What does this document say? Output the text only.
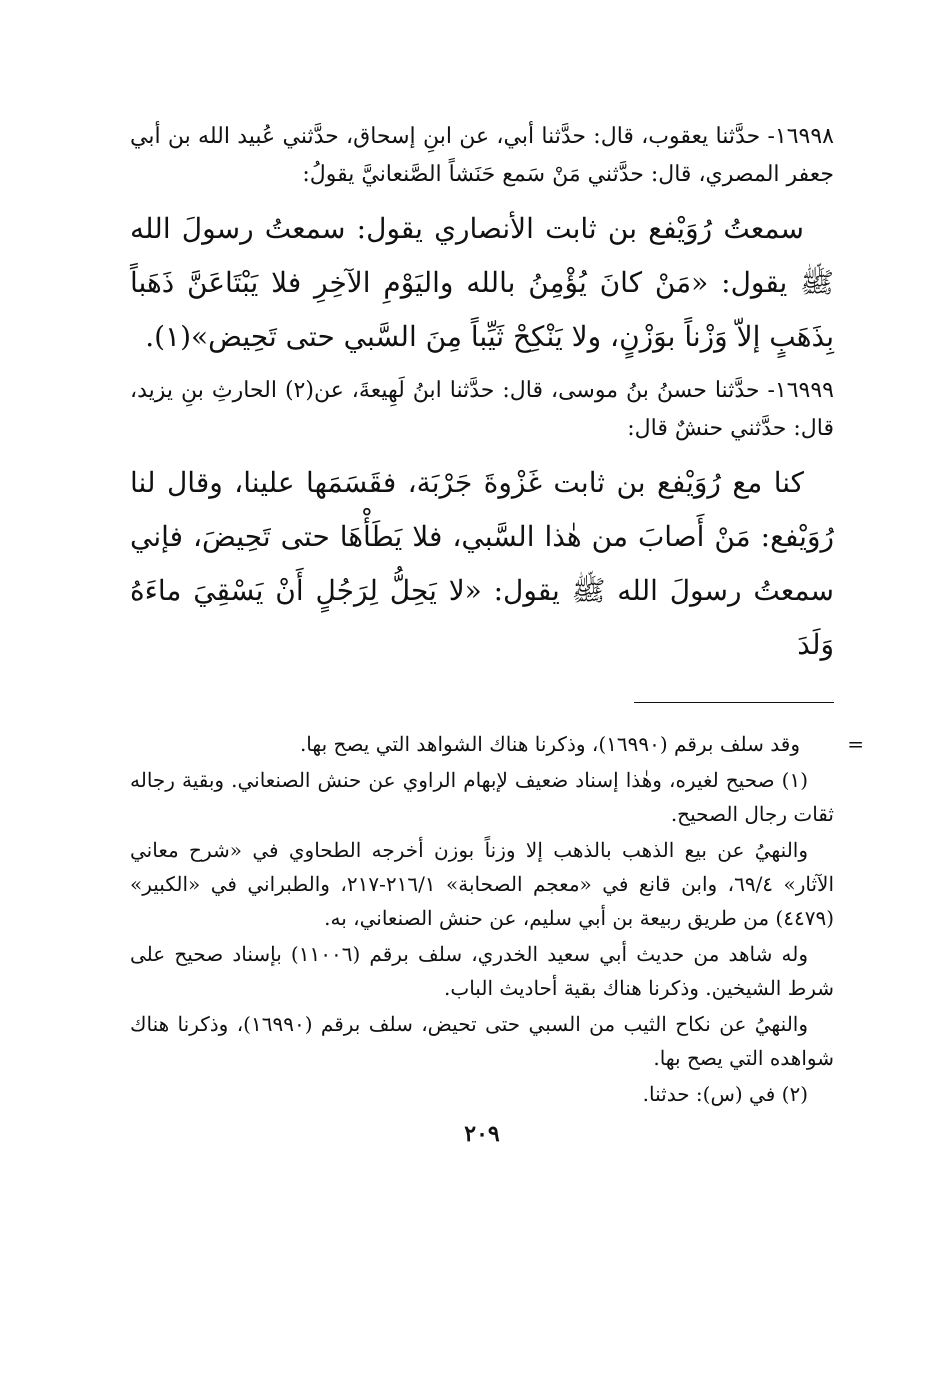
١٦٩٩٨- حدَّثنا يعقوب، قال: حدَّثنا أبي، عن ابنِ إسحاق، حدَّثني عُبيد الله بن أبي جعفر المصري، قال: حدَّثني مَنْ سَمع حَنَشاً الصَّنعانيَّ يقولُ:

سمعتُ رُوَيْفع بن ثابت الأنصاري يقول: سمعتُ رسولَ الله ﷺ يقول: «مَنْ كانَ يُؤْمِنُ بالله واليَوْمِ الآخِرِ فلا يَبْتَاعَنَّ ذَهَباً بِذَهَبٍ إلاّ وَزْناً بوَزْنٍ، ولا يَنْكِحْ ثَيِّباً مِنَ السَّبي حتى تَحِيض»(١).

١٦٩٩٩- حدَّثنا حسنُ بنُ موسى، قال: حدَّثنا ابنُ لَهِيعةَ، عن(٢) الحارثِ بنِ يزيد، قال: حدَّثني حنشٌ قال:

كنا مع رُوَيْفع بن ثابت غَزْوةَ جَرْبَة، فقَسَمَها علينا، وقال لنا رُوَيْفع: مَنْ أَصابَ من هٰذا السَّبي، فلا يَطَأْهَا حتى تَحِيضَ، فإني سمعتُ رسولَ الله ﷺ يقول: «لا يَحِلُّ لِرَجُلٍ أَنْ يَسْقِيَ ماءَهُ وَلَدَ

=
وقد سلف برقم (١٦٩٩٠)، وذكرنا هناك الشواهد التي يصح بها.

(١) صحيح لغيره، وهٰذا إسناد ضعيف لإبهام الراوي عن حنش الصنعاني. وبقية رجاله ثقات رجال الصحيح.

والنهيُ عن بيع الذهب بالذهب إلا وزناً بوزن أخرجه الطحاوي في «شرح معاني الآثار» ٦٩/٤، وابن قانع في «معجم الصحابة» ٢١٦/١-٢١٧، والطبراني في «الكبير» (٤٤٧٩) من طريق ربيعة بن أبي سليم، عن حنش الصنعاني، به.

وله شاهد من حديث أبي سعيد الخدري، سلف برقم (١١٠٠٦) بإسناد صحيح على شرط الشيخين. وذكرنا هناك بقية أحاديث الباب.

والنهيُ عن نكاح الثيب من السبي حتى تحيض، سلف برقم (١٦٩٩٠)، وذكرنا هناك شواهده التي يصح بها.

(٢) في (س): حدثنا.

٢٠٩
